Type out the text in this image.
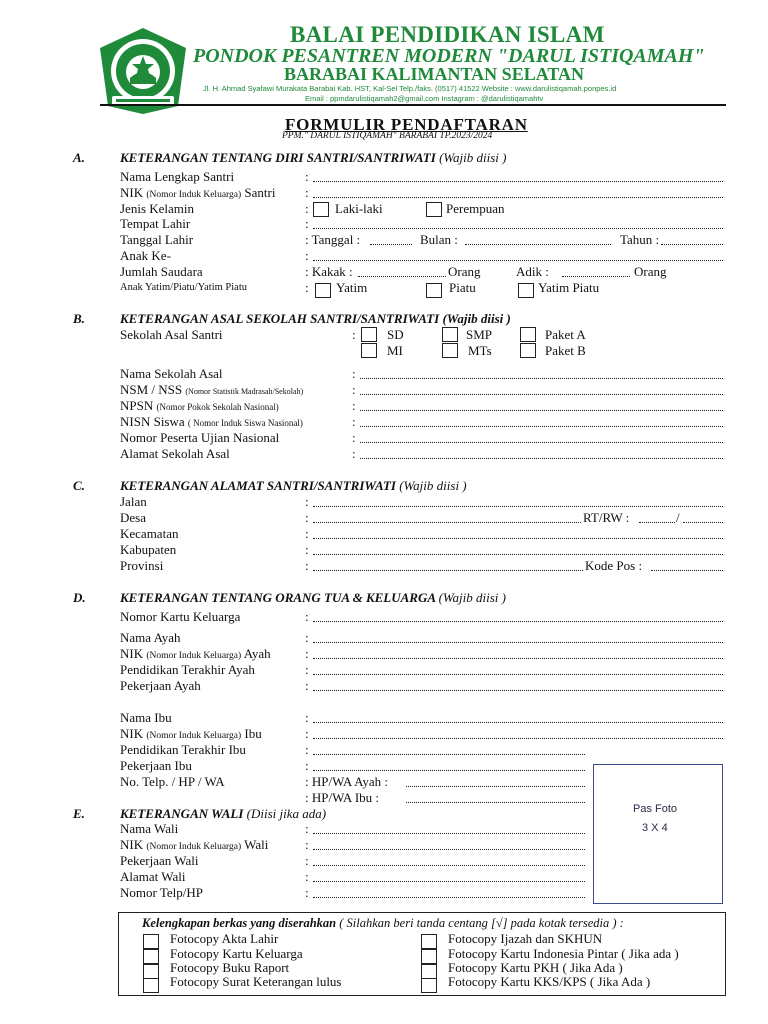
BALAI PENDIDIKAN ISLAM
PONDOK PESANTREN MODERN "DARUL ISTIQAMAH"
BARABAI KALIMANTAN SELATAN
Jl. H. Ahmad Syafawi Murakata Barabai Kab. HST, Kal-Sel Telp./faks. (0517) 41522 Website : www.darulistiqamah.ponpes.id
Email : ppmdarulistiqamah2@gmail.com Instagram : @darulistiqamahtv
FORMULIR PENDAFTARAN
PPM." DARUL ISTIQAMAH" BARABAI TP.2023/2024
A.	KETERANGAN TENTANG DIRI SANTRI/SANTRIWATI (Wajib diisi )
Nama Lengkap Santri	:
NIK (Nomor Induk Keluarga) Santri :
Jenis Kelamin	: Laki-laki	Perempuan
Tempat Lahir	:
Tanggal Lahir	: Tanggal :	Bulan :	Tahun :
Anak Ke-	:
Jumlah Saudara	: Kakak :	Orang	Adik :	Orang
Anak Yatim/Piatu/Yatim Piatu	: Yatim	Piatu	Yatim Piatu
B.	KETERANGAN ASAL SEKOLAH SANTRI/SANTRIWATI (Wajib diisi )
Sekolah Asal Santri	: SD	SMP	Paket A
MI	MTs	Paket B
Nama Sekolah Asal	:
NSM / NSS (Nomor Statistik Madrasah/Sekolah)	:
NPSN (Nomor Pokok Sekolah Nasional)	:
NISN Siswa ( Nomor Induk Siswa Nasional)	:
Nomor Peserta Ujian Nasional	:
Alamat Sekolah Asal	:
C.	KETERANGAN ALAMAT SANTRI/SANTRIWATI (Wajib diisi )
Jalan	:
Desa	:	RT/RW :	/
Kecamatan	:
Kabupaten	:
Provinsi	:	Kode Pos :
D.	KETERANGAN TENTANG ORANG TUA & KELUARGA (Wajib diisi )
Nomor Kartu Keluarga	:
Nama Ayah	:
NIK (Nomor Induk Keluarga) Ayah	:
Pendidikan Terakhir Ayah	:
Pekerjaan Ayah	:
Nama Ibu	:
NIK (Nomor Induk Keluarga) Ibu	:
Pendidikan Terakhir Ibu	:
Pekerjaan Ibu	:
No. Telp. / HP / WA	: HP/WA Ayah :
: HP/WA Ibu :
Pas Foto
3 X 4
E.	KETERANGAN WALI (Diisi jika ada)
Nama Wali	:
NIK (Nomor Induk Keluarga) Wali	:
Pekerjaan Wali	:
Alamat Wali	:
Nomor Telp/HP	:
Kelengkapan berkas yang diserahkan ( Silahkan beri tanda centang [√] pada kotak tersedia ) :
Fotocopy Akta Lahir
Fotocopy Kartu Keluarga
Fotocopy Buku Raport
Fotocopy Surat Keterangan lulus
Fotocopy Ijazah dan SKHUN
Fotocopy Kartu Indonesia Pintar ( Jika ada )
Fotocopy Kartu PKH ( Jika Ada )
Fotocopy Kartu KKS/KPS ( Jika Ada )
